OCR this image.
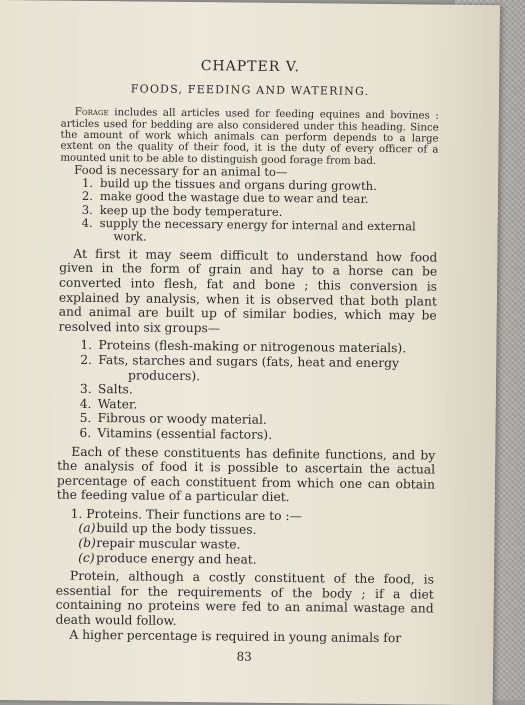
CHAPTER V.
FOODS, FEEDING AND WATERING.

Forage includes all articles used for feeding equines and bovines : articles used for bedding are also considered under this heading. Since the amount of work which animals can perform depends to a large extent on the quality of their food, it is the duty of every officer of a mounted unit to be able to distinguish good forage from bad.

Food is necessary for an animal to—

1. build up the tissues and organs during growth.
2. make good the wastage due to wear and tear.
3. keep up the body temperature.
4. supply the necessary energy for internal and external
work.

At first it may seem difficult to understand how food given in the form of grain and hay to a horse can be converted into flesh, fat and bone ; this conversion is explained by analysis, when it is observed that both plant and animal are built up of similar bodies, which may be resolved into six groups—

1. Proteins (flesh-making or nitrogenous materials).
2. Fats, starches and sugars (fats, heat and energy
producers).
3. Salts.
4. Water.
5. Fibrous or woody material.
6. Vitamins (essential factors).

Each of these constituents has definite functions, and by the analysis of food it is possible to ascertain the actual percentage of each constituent from which one can obtain the feeding value of a particular diet.

1. Proteins. Their functions are to :—

(a) build up the body tissues.
(b) repair muscular waste.
(c) produce energy and heat.

Protein, although a costly constituent of the food, is essential for the requirements of the body ; if a diet containing no proteins were fed to an animal wastage and death would follow.

A higher percentage is required in young animals for

83
